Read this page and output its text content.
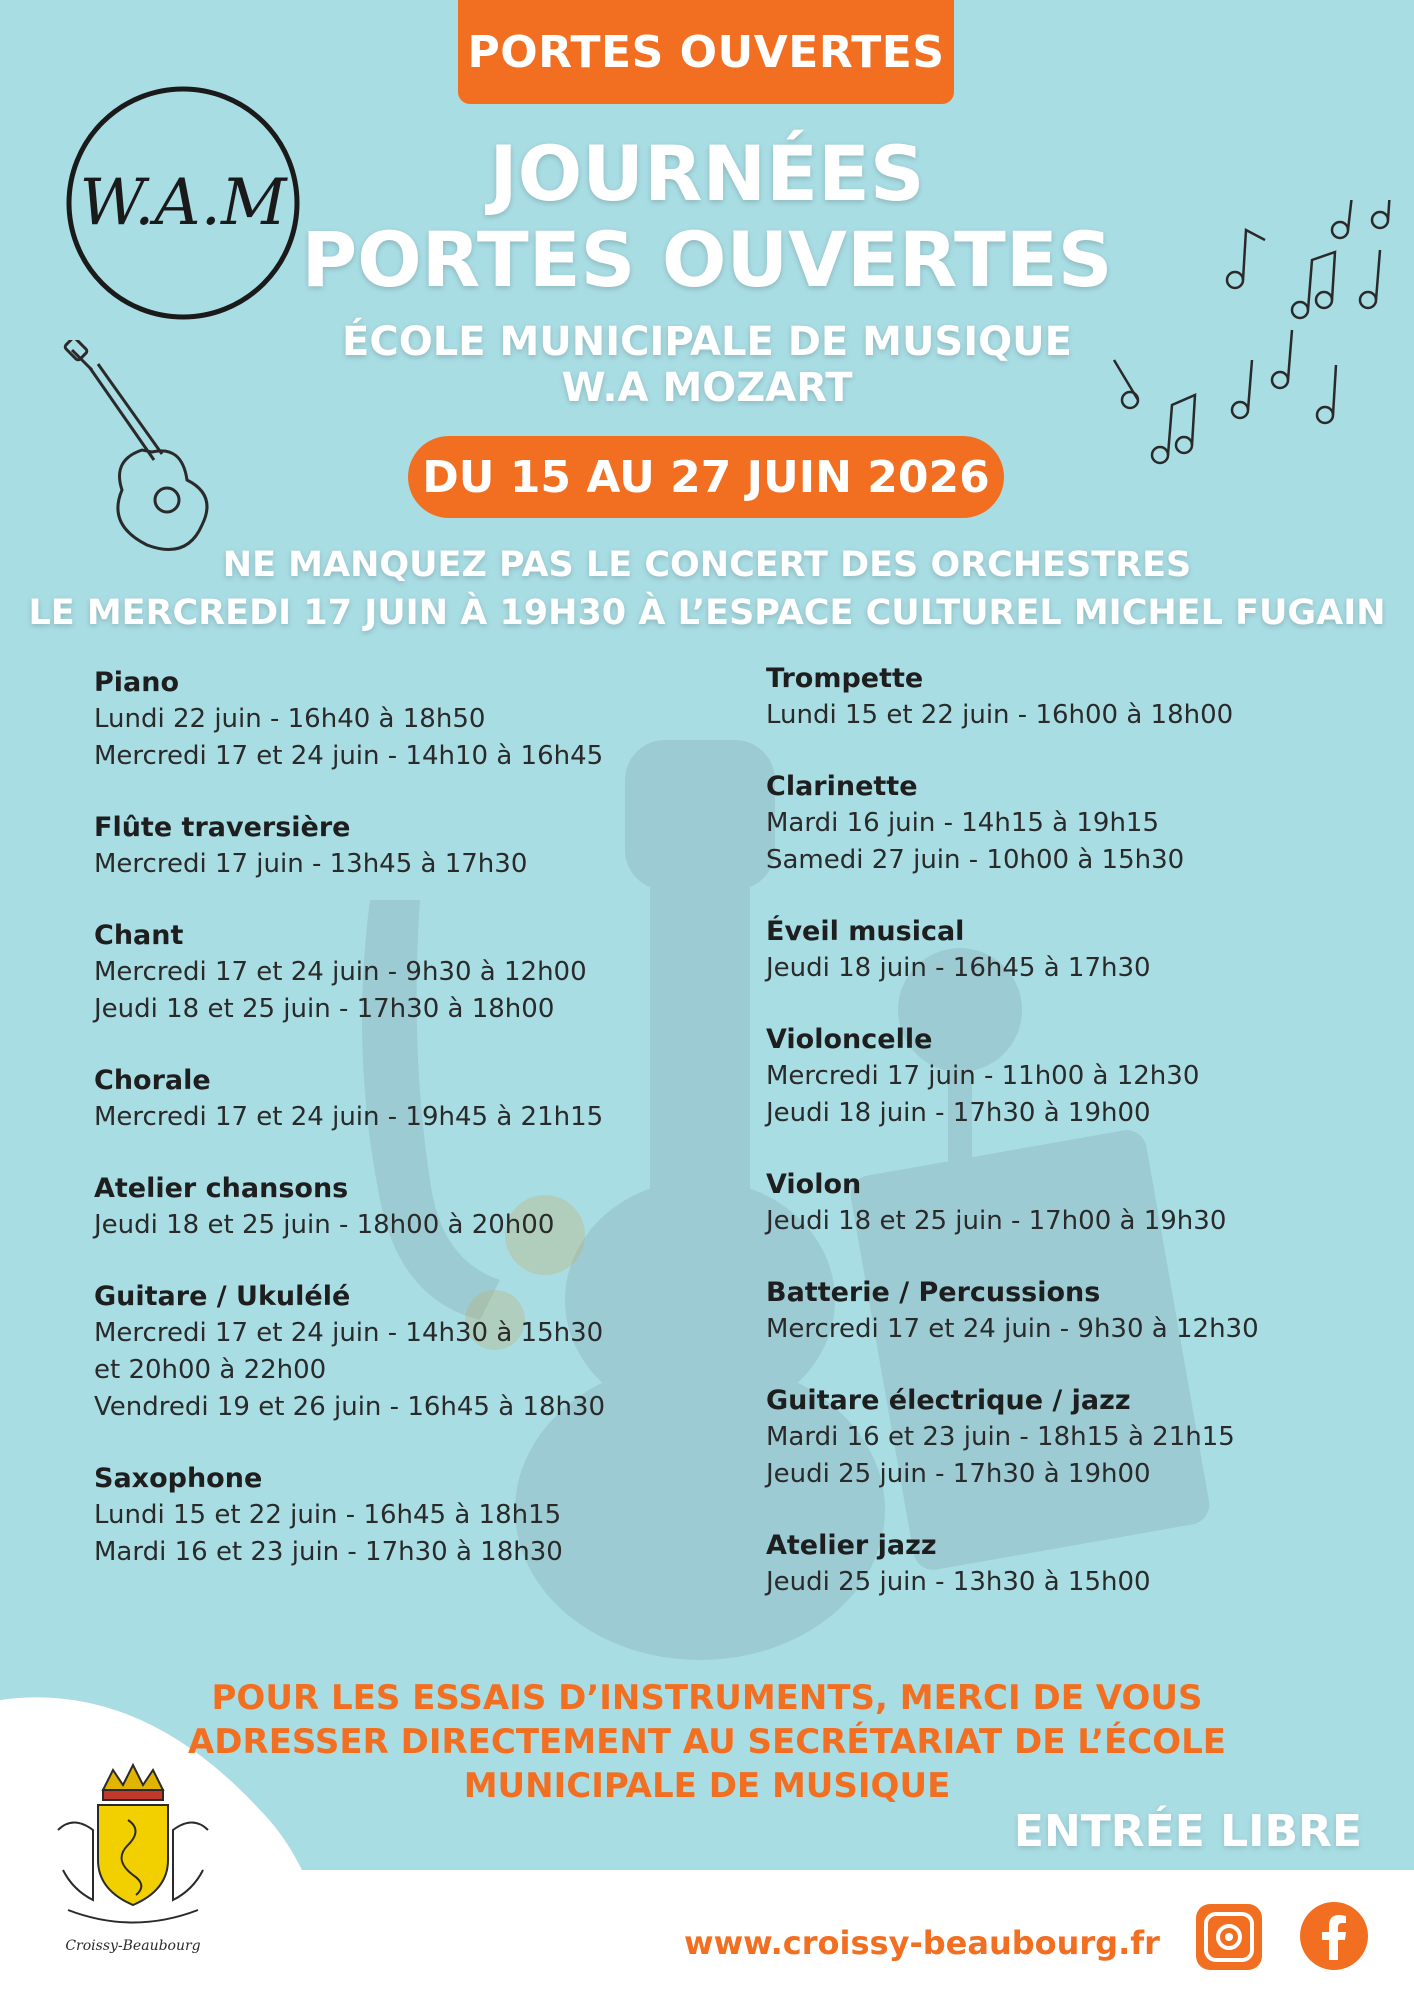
PORTES OUVERTES
W.A.M	JOURNÉES
PORTES OUVERTES
ÉCOLE MUNICIPALE DE MUSIQUE
W.A MOZART
DU 15 AU 27 JUIN 2026
NE MANQUEZ PAS LE CONCERT DES ORCHESTRES
LE MERCREDI 17 JUIN À 19H30 À L’ESPACE CULTUREL MICHEL FUGAIN
Piano

Lundi 22 juin - 16h40 à 18h50

Mercredi 17 et 24 juin - 14h10 à 16h45

Flûte traversière

Mercredi 17 juin - 13h45 à 17h30

Chant

Mercredi 17 et 24 juin - 9h30 à 12h00

Jeudi 18 et 25 juin - 17h30 à 18h00

Chorale

Mercredi 17 et 24 juin - 19h45 à 21h15

Atelier chansons

Jeudi 18 et 25 juin - 18h00 à 20h00

Guitare / Ukulélé

Mercredi 17 et 24 juin - 14h30 à 15h30

et 20h00 à 22h00

Vendredi 19 et 26 juin - 16h45 à 18h30

Saxophone

Lundi 15 et 22 juin - 16h45 à 18h15

Mardi 16 et 23 juin - 17h30 à 18h30

Trompette

Lundi 15 et 22 juin - 16h00 à 18h00

Clarinette

Mardi 16 juin - 14h15 à 19h15

Samedi 27 juin - 10h00 à 15h30

Éveil musical

Jeudi 18 juin - 16h45 à 17h30

Violoncelle

Mercredi 17 juin - 11h00 à 12h30

Jeudi 18 juin - 17h30 à 19h00

Violon

Jeudi 18 et 25 juin - 17h00 à 19h30

Batterie / Percussions

Mercredi 17 et 24 juin - 9h30 à 12h30

Guitare électrique / jazz

Mardi 16 et 23 juin - 18h15 à 21h15

Jeudi 25 juin - 17h30 à 19h00

Atelier jazz

Jeudi 25 juin - 13h30 à 15h00

POUR LES ESSAIS D’INSTRUMENTS, MERCI DE VOUS
ADRESSER DIRECTEMENT AU SECRÉTARIAT DE L’ÉCOLE
MUNICIPALE DE MUSIQUE
ENTRÉE LIBRE
Croissy-Beaubourg	www.croissy-beaubourg.fr
